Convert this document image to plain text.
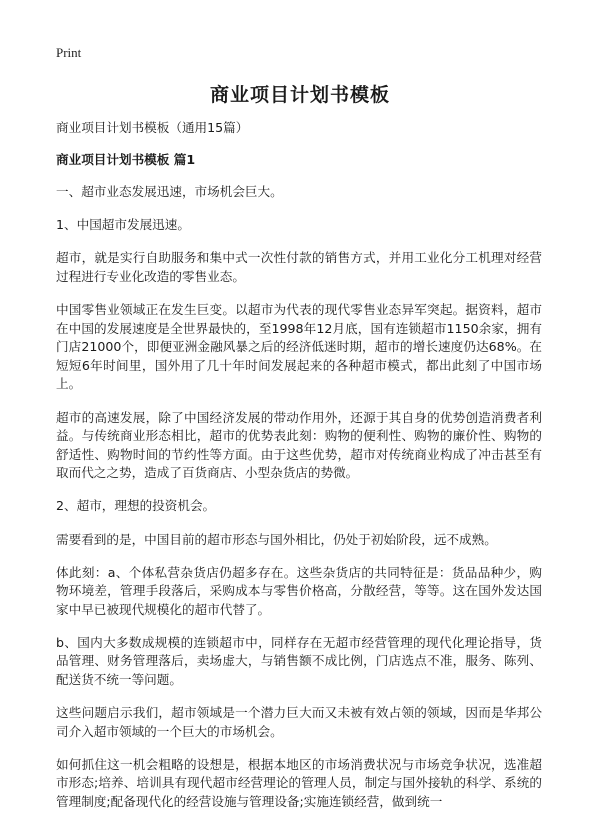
Print
商业项目计划书模板

商业项目计划书模板（通用15篇）

商业项目计划书模板 篇1

一、超市业态发展迅速，市场机会巨大。

1、中国超市发展迅速。

超市，就是实行自助服务和集中式一次性付款的销售方式，并用工业化分工机理对经营过程进行专业化改造的零售业态。

中国零售业领域正在发生巨变。以超市为代表的现代零售业态异军突起。据资料，超市在中国的发展速度是全世界最快的，至1998年12月底，国有连锁超市1150余家，拥有门店21000个，即便亚洲金融风暴之后的经济低迷时期，超市的增长速度仍达68%。在短短6年时间里，国外用了几十年时间发展起来的各种超市模式，都出此刻了中国市场上。

超市的高速发展，除了中国经济发展的带动作用外，还源于其自身的优势创造消费者利益。与传统商业形态相比，超市的优势表此刻：购物的便利性、购物的廉价性、购物的舒适性、购物时间的节约性等方面。由于这些优势，超市对传统商业构成了冲击甚至有取而代之之势，造成了百货商店、小型杂货店的势微。

2、超市，理想的投资机会。

需要看到的是，中国目前的超市形态与国外相比，仍处于初始阶段，远不成熟。

体此刻：a、个体私营杂货店仍超多存在。这些杂货店的共同特征是：货品品种少，购物环境差，管理手段落后，采购成本与零售价格高，分散经营，等等。这在国外发达国家中早已被现代规模化的超市代替了。

b、国内大多数成规模的连锁超市中，同样存在无超市经营管理的现代化理论指导，货品管理、财务管理落后，卖场虚大，与销售额不成比例，门店选点不准，服务、陈列、配送货不统一等问题。

这些问题启示我们，超市领域是一个潜力巨大而又未被有效占领的领域，因而是华邦公司介入超市领域的一个巨大的市场机会。

如何抓住这一机会粗略的设想是，根据本地区的市场消费状况与市场竞争状况，选准超市形态;培养、培训具有现代超市经营理论的管理人员，制定与国外接轨的科学、系统的管理制度;配备现代化的经营设施与管理设备;实施连锁经营，做到统一
